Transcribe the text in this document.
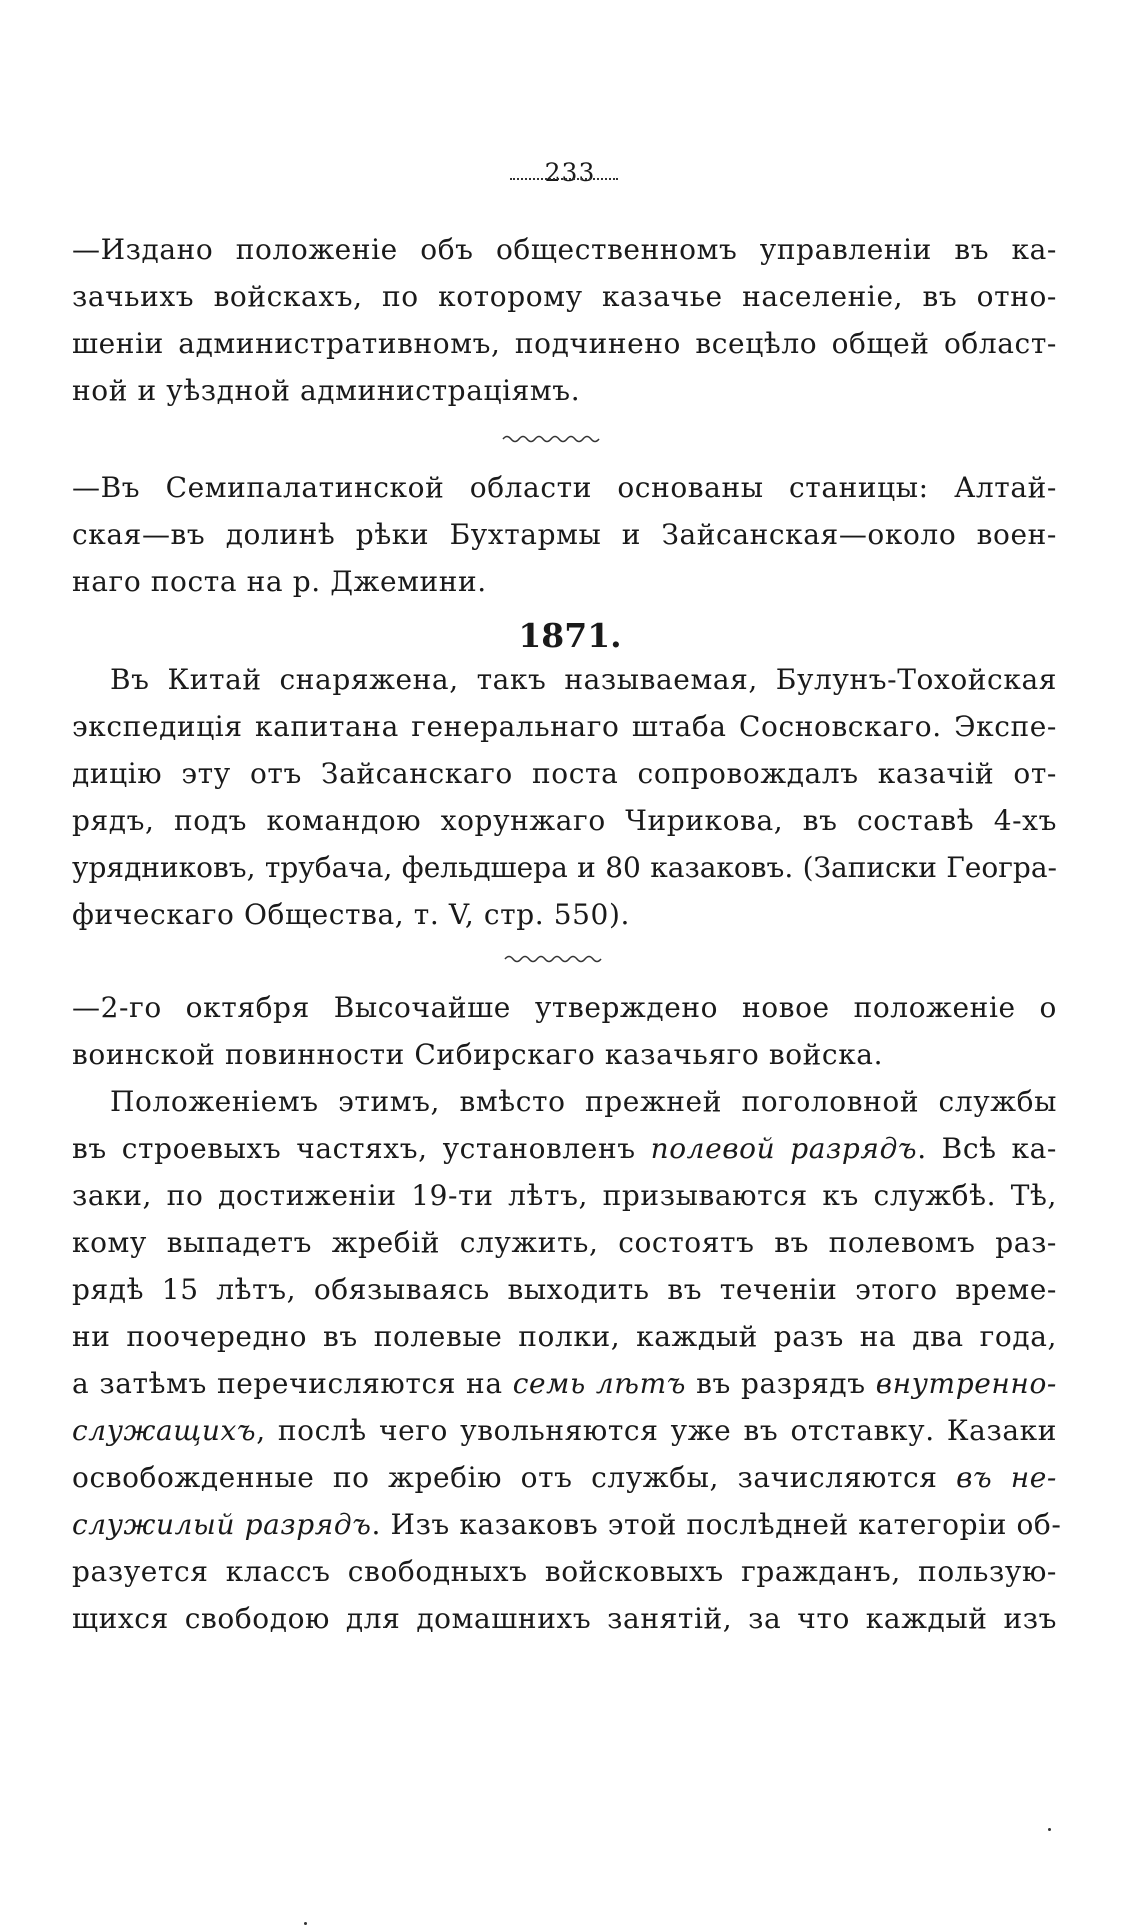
233
—Издано положеніе объ общественномъ управленіи въ ка-
зачьихъ войскахъ, по которому казачье населеніе, въ отно-
шеніи административномъ, подчинено всецѣло общей област-
ной и уѣздной администраціямъ.
—Въ Семипалатинской области основаны станицы: Алтай-
ская—въ долинѣ рѣки Бухтармы и Зайсанская—около воен-
наго поста на р. Джемини.
1871.
Въ Китай снаряжена, такъ называемая, Булунъ-Тохойская
экспедиція капитана генеральнаго штаба Сосновскаго. Экспе-
дицію эту отъ Зайсанскаго поста сопровождалъ казачій от-
рядъ, подъ командою хорунжаго Чирикова, въ составѣ 4-хъ
урядниковъ, трубача, фельдшера и 80 казаковъ. (Записки Геогра-
фическаго Общества, т. V, стр. 550).
—2-го октября Высочайше утверждено новое положеніе о
воинской повинности Сибирскаго казачьяго войска.
Положеніемъ этимъ, вмѣсто прежней поголовной службы
въ строевыхъ частяхъ, установленъ полевой разрядъ. Всѣ ка-
заки, по достиженіи 19-ти лѣтъ, призываются къ службѣ. Тѣ,
кому выпадетъ жребій служить, состоятъ въ полевомъ раз-
рядѣ 15 лѣтъ, обязываясь выходить въ теченіи этого време-
ни поочередно въ полевые полки, каждый разъ на два года,
а затѣмъ перечисляются на семь лѣтъ въ разрядъ внутренно-
служащихъ, послѣ чего увольняются уже въ отставку. Казаки
освобожденные по жребію отъ службы, зачисляются въ не-
служилый разрядъ. Изъ казаковъ этой послѣдней категоріи об-
разуется классъ свободныхъ войсковыхъ гражданъ, пользую-
щихся свободою для домашнихъ занятій, за что каждый изъ
